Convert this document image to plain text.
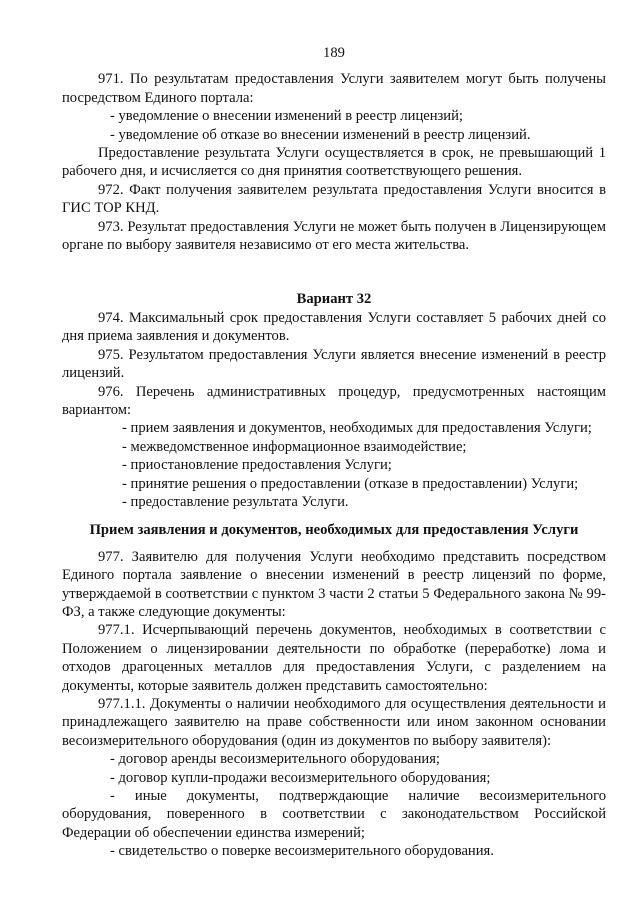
189

971. По результатам предоставления Услуги заявителем могут быть получены посредством Единого портала:

- уведомление о внесении изменений в реестр лицензий;

- уведомление об отказе во внесении изменений в реестр лицензий.

Предоставление результата Услуги осуществляется в срок, не превышающий 1 рабочего дня, и исчисляется со дня принятия соответствующего решения.

972. Факт получения заявителем результата предоставления Услуги вносится в ГИС ТОР КНД.

973. Результат предоставления Услуги не может быть получен в Лицензирующем органе по выбору заявителя независимо от его места жительства.

Вариант 32

974. Максимальный срок предоставления Услуги составляет 5 рабочих дней со дня приема заявления и документов.

975. Результатом предоставления Услуги является внесение изменений в реестр лицензий.

976. Перечень административных процедур, предусмотренных настоящим вариантом:

- прием заявления и документов, необходимых для предоставления Услуги;

- межведомственное информационное взаимодействие;

- приостановление предоставления Услуги;

- принятие решения о предоставлении (отказе в предоставлении) Услуги;

- предоставление результата Услуги.

Прием заявления и документов, необходимых для предоставления Услуги

977. Заявителю для получения Услуги необходимо представить посредством Единого портала заявление о внесении изменений в реестр лицензий по форме, утверждаемой в соответствии с пунктом 3 части 2 статьи 5 Федерального закона № 99-ФЗ, а также следующие документы:

977.1. Исчерпывающий перечень документов, необходимых в соответствии с Положением о лицензировании деятельности по обработке (переработке) лома и отходов драгоценных металлов для предоставления Услуги, с разделением на документы, которые заявитель должен представить самостоятельно:

977.1.1. Документы о наличии необходимого для осуществления деятельности и принадлежащего заявителю на праве собственности или ином законном основании весоизмерительного оборудования (один из документов по выбору заявителя):

- договор аренды весоизмерительного оборудования;

- договор купли-продажи весоизмерительного оборудования;

- иные документы, подтверждающие наличие весоизмерительного оборудования, поверенного в соответствии с законодательством Российской Федерации об обеспечении единства измерений;

- свидетельство о поверке весоизмерительного оборудования.
